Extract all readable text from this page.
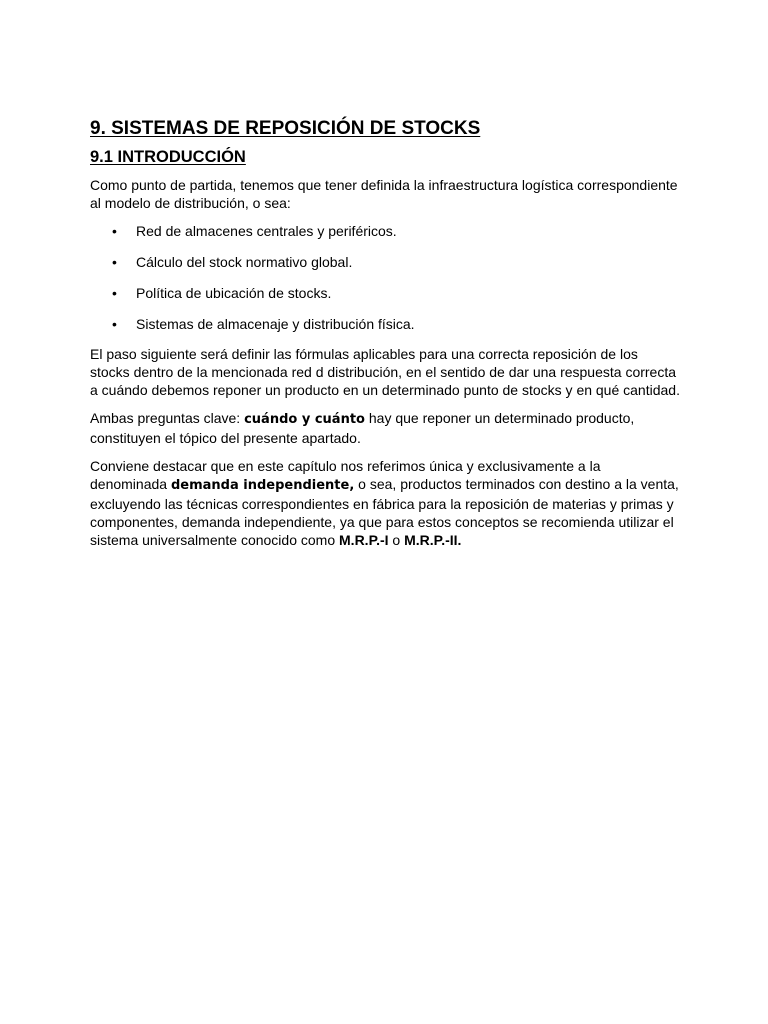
9. SISTEMAS DE REPOSICIÓN DE STOCKS
9.1 INTRODUCCIÓN

Como punto de partida, tenemos que tener definida la infraestructura logística correspondiente al modelo de distribución, o sea:

• Red de almacenes centrales y periféricos.
• Cálculo del stock normativo global.
• Política de ubicación de stocks.
• Sistemas de almacenaje y distribución física.

El paso siguiente será definir las fórmulas aplicables para una correcta reposición de los stocks dentro de la mencionada red d distribución, en el sentido de dar una respuesta correcta a cuándo debemos reponer un producto en un determinado punto de stocks y en qué cantidad.

Ambas preguntas clave: cuándo y cuánto hay que reponer un determinado producto, constituyen el tópico del presente apartado.

Conviene destacar que en este capítulo nos referimos única y exclusivamente a la denominada demanda independiente, o sea, productos terminados con destino a la venta, excluyendo las técnicas correspondientes en fábrica para la reposición de materias y primas y componentes, demanda independiente, ya que para estos conceptos se recomienda utilizar el sistema universalmente conocido como M.R.P.-I o M.R.P.-II.
